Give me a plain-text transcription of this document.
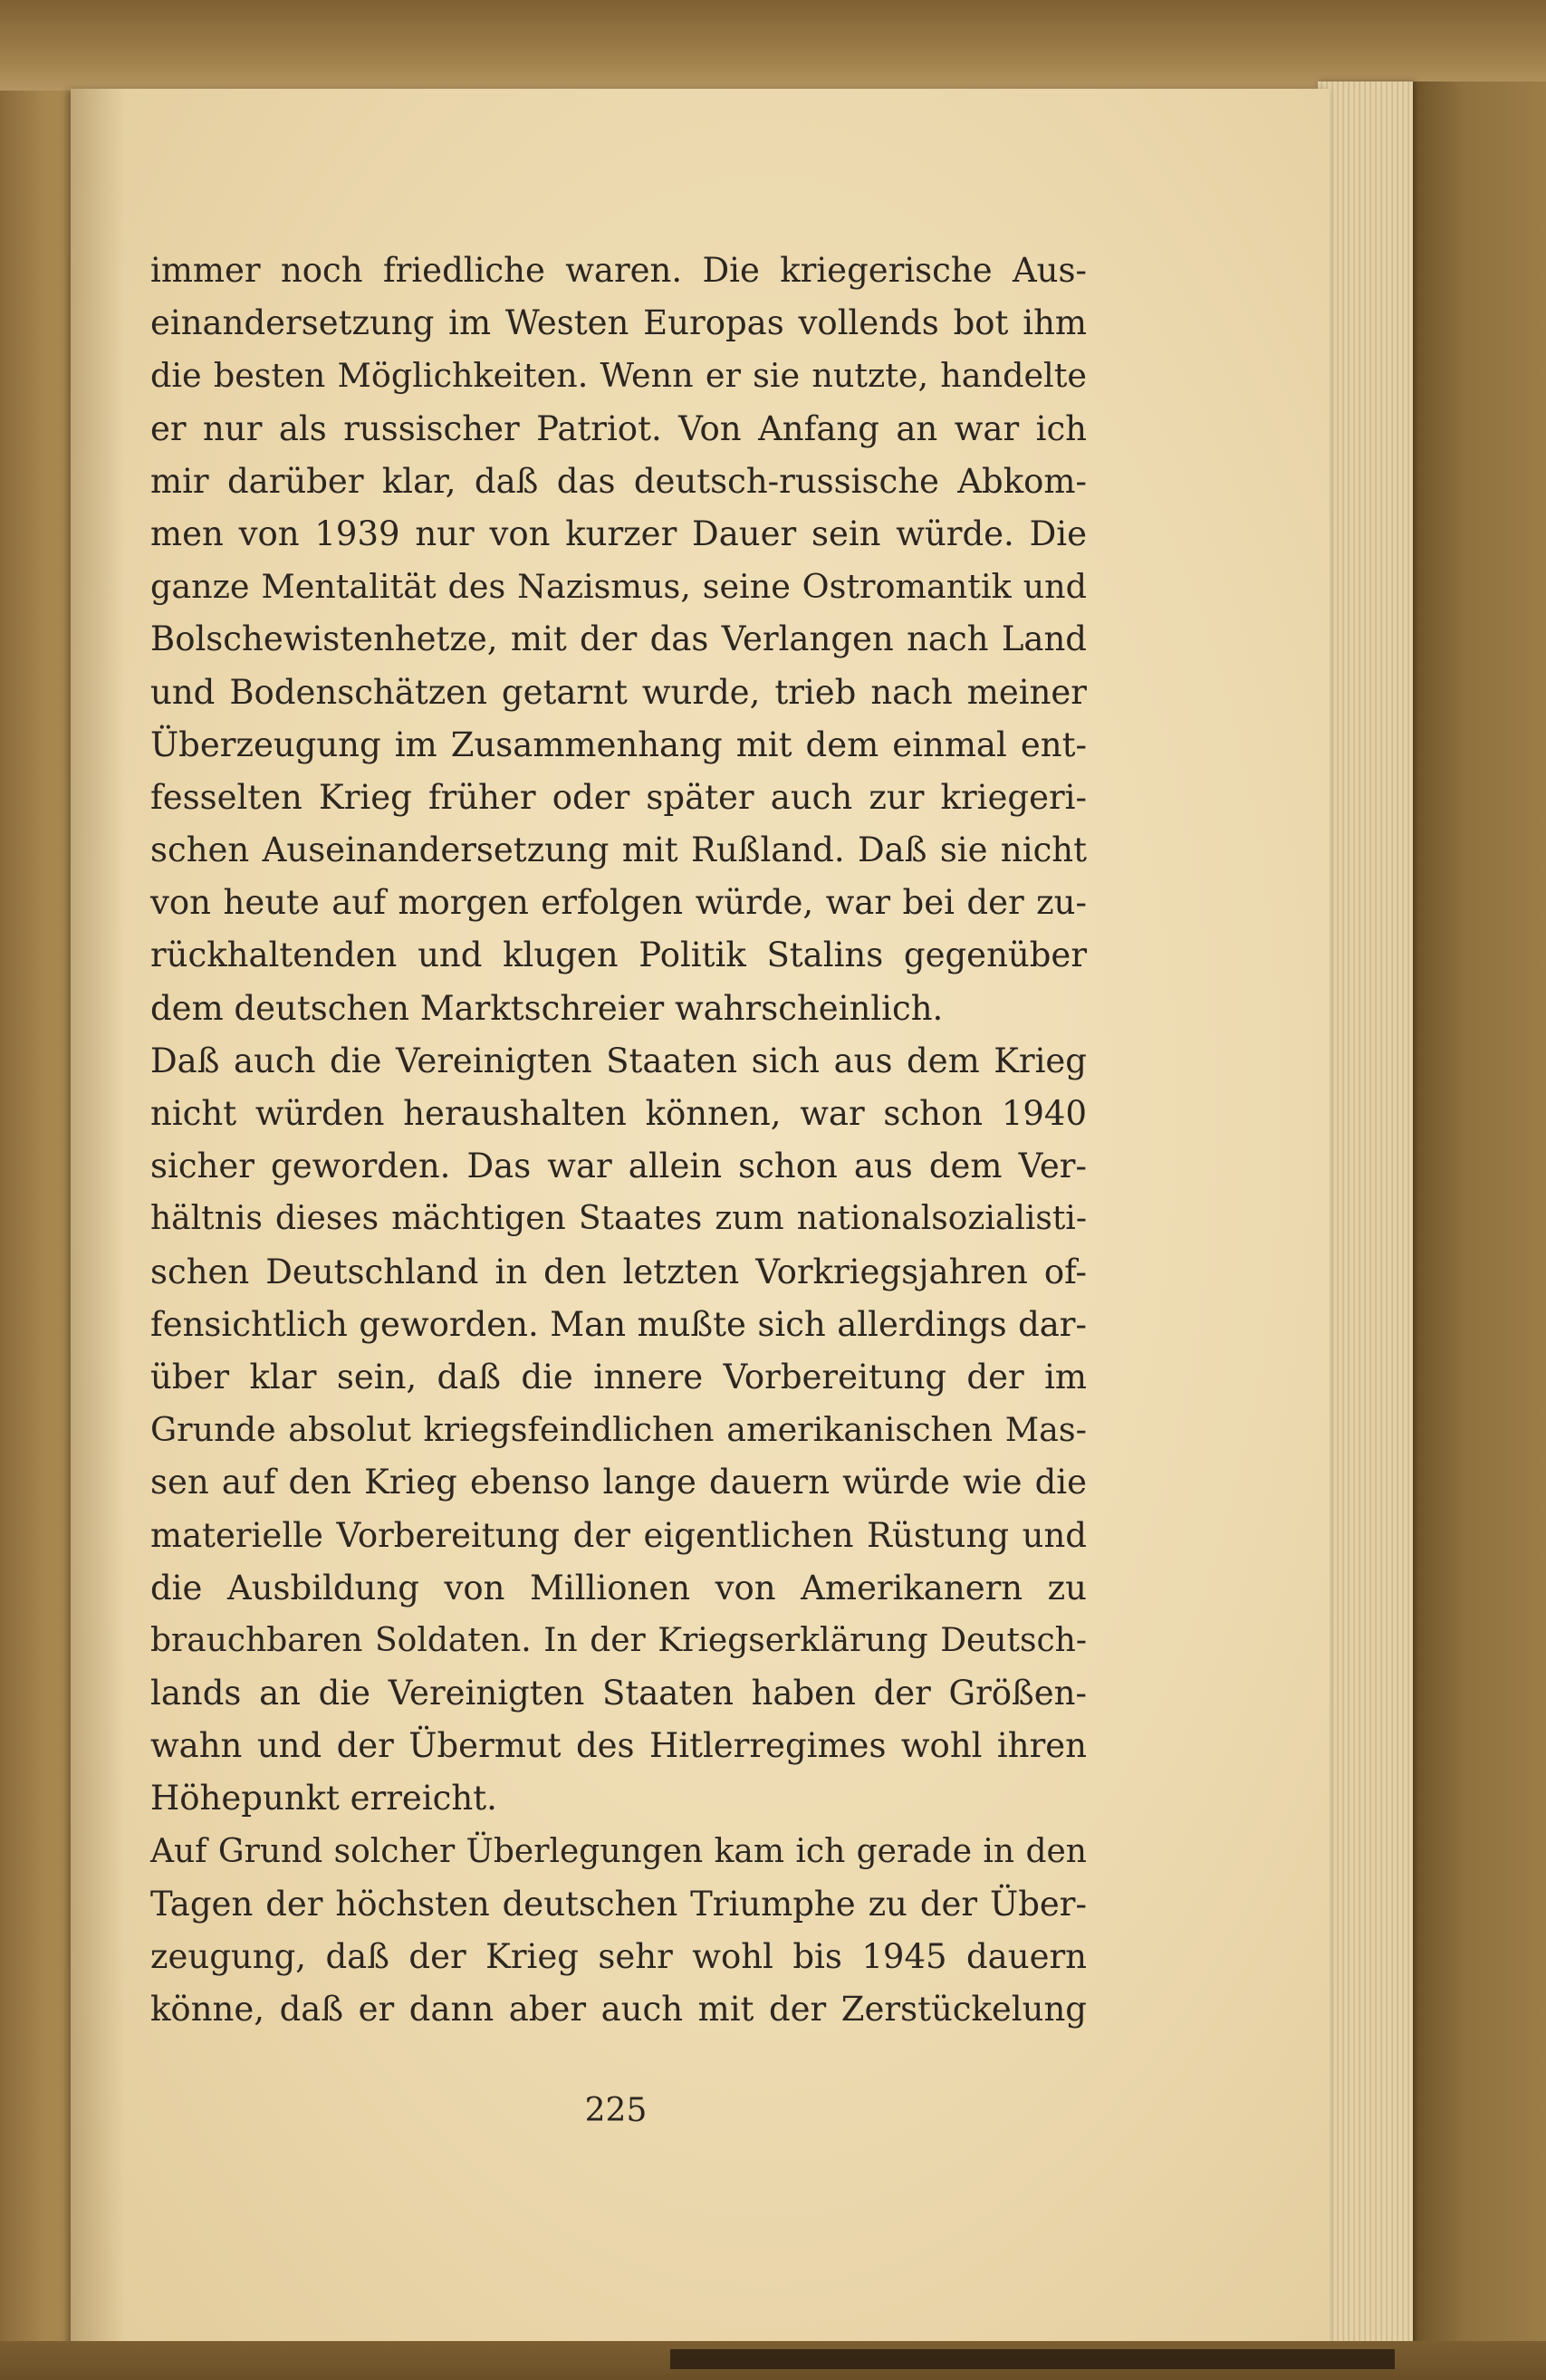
immer noch friedliche waren. Die kriegerische Aus-
einandersetzung im Westen Europas vollends bot ihm
die besten Möglichkeiten. Wenn er sie nutzte, handelte
er nur als russischer Patriot. Von Anfang an war ich
mir darüber klar, daß das deutsch-russische Abkom-
men von 1939 nur von kurzer Dauer sein würde. Die
ganze Mentalität des Nazismus, seine Ostromantik und
Bolschewistenhetze, mit der das Verlangen nach Land
und Bodenschätzen getarnt wurde, trieb nach meiner
Überzeugung im Zusammenhang mit dem einmal ent-
fesselten Krieg früher oder später auch zur kriegeri-
schen Auseinandersetzung mit Rußland. Daß sie nicht
von heute auf morgen erfolgen würde, war bei der zu-
rückhaltenden und klugen Politik Stalins gegenüber
dem deutschen Marktschreier wahrscheinlich.
Daß auch die Vereinigten Staaten sich aus dem Krieg
nicht würden heraushalten können, war schon 1940
sicher geworden. Das war allein schon aus dem Ver-
hältnis dieses mächtigen Staates zum nationalsozialisti-
schen Deutschland in den letzten Vorkriegsjahren of-
fensichtlich geworden. Man mußte sich allerdings dar-
über klar sein, daß die innere Vorbereitung der im
Grunde absolut kriegsfeindlichen amerikanischen Mas-
sen auf den Krieg ebenso lange dauern würde wie die
materielle Vorbereitung der eigentlichen Rüstung und
die Ausbildung von Millionen von Amerikanern zu
brauchbaren Soldaten. In der Kriegserklärung Deutsch-
lands an die Vereinigten Staaten haben der Größen-
wahn und der Übermut des Hitlerregimes wohl ihren
Höhepunkt erreicht.
Auf Grund solcher Überlegungen kam ich gerade in den
Tagen der höchsten deutschen Triumphe zu der Über-
zeugung, daß der Krieg sehr wohl bis 1945 dauern
könne, daß er dann aber auch mit der Zerstückelung
225
